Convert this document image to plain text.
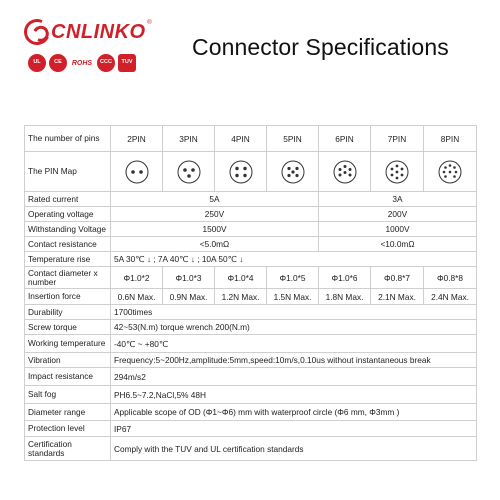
CNLINKO ®
UL	CE	ROHS	CCC	TUV
Connector Specifications
The number of pins	2PIN	3PIN	4PIN	5PIN	6PIN	7PIN	8PIN
The PIN Map	

Rated current	5A				3A		
Operating voltage	250V				200V		
Withstanding Voltage	1500V				1000V		
Contact resistance	<5.0mΩ				<10.0mΩ		
Temperature rise	5A 30℃ ↓ ; 7A 40℃ ↓ ; 10A 50℃ ↓						
Contact diameter x number	Φ1.0*2	Φ1.0*3	Φ1.0*4	Φ1.0*5	Φ1.0*6	Φ0.8*7	Φ0.8*8
Insertion force	0.6N Max.	0.9N Max.	1.2N Max.	1.5N Max.	1.8N Max.	2.1N Max.	2.4N Max.
Durability	1700times						
Screw torque	42~53(N.m) torque wrench 200(N.m)						
Working temperature	-40℃ ~ +80℃						
Vibration	Frequency:5~200Hz,amplitude:5mm,speed:10m/s,0.10us without instantaneous break						
Impact resistance	294m/s2						
Salt fog	PH6.5~7.2,NaCl,5% 48H						
Diameter range	Applicable scope of OD (Φ1~Φ6) mm with waterproof circle (Φ6 mm, Φ3mm )						
Protection level	IP67						
Certification standards	Comply with the TUV and UL certification standards						
